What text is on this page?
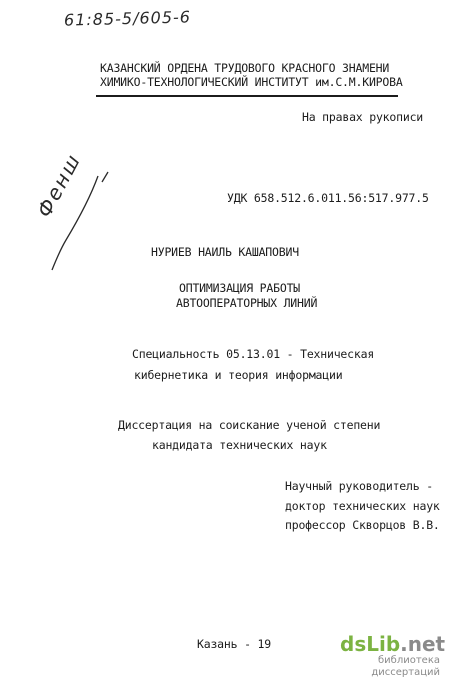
61:85-5/605-6
КАЗАНСКИЙ ОРДЕНА ТРУДОВОГО КРАСНОГО ЗНАМЕНИ
ХИМИКО-ТЕХНОЛОГИЧЕСКИЙ ИНСТИТУТ им.С.М.КИРОВА
На правах рукописи
УДК 658.512.6.011.56:517.977.5
Фенш
НУРИЕВ НАИЛЬ КАШАПОВИЧ
ОПТИМИЗАЦИЯ РАБОТЫ
АВТООПЕРАТОРНЫХ ЛИНИЙ
Специальность 05.13.01 - Техническая
кибернетика и теория информации
Диссертация на соискание ученой степени
кандидата технических наук
Научный руководитель -
доктор технических наук
профессор Скворцов В.В.
Казань - 19	dsLib.net
библиотека диссертаций
